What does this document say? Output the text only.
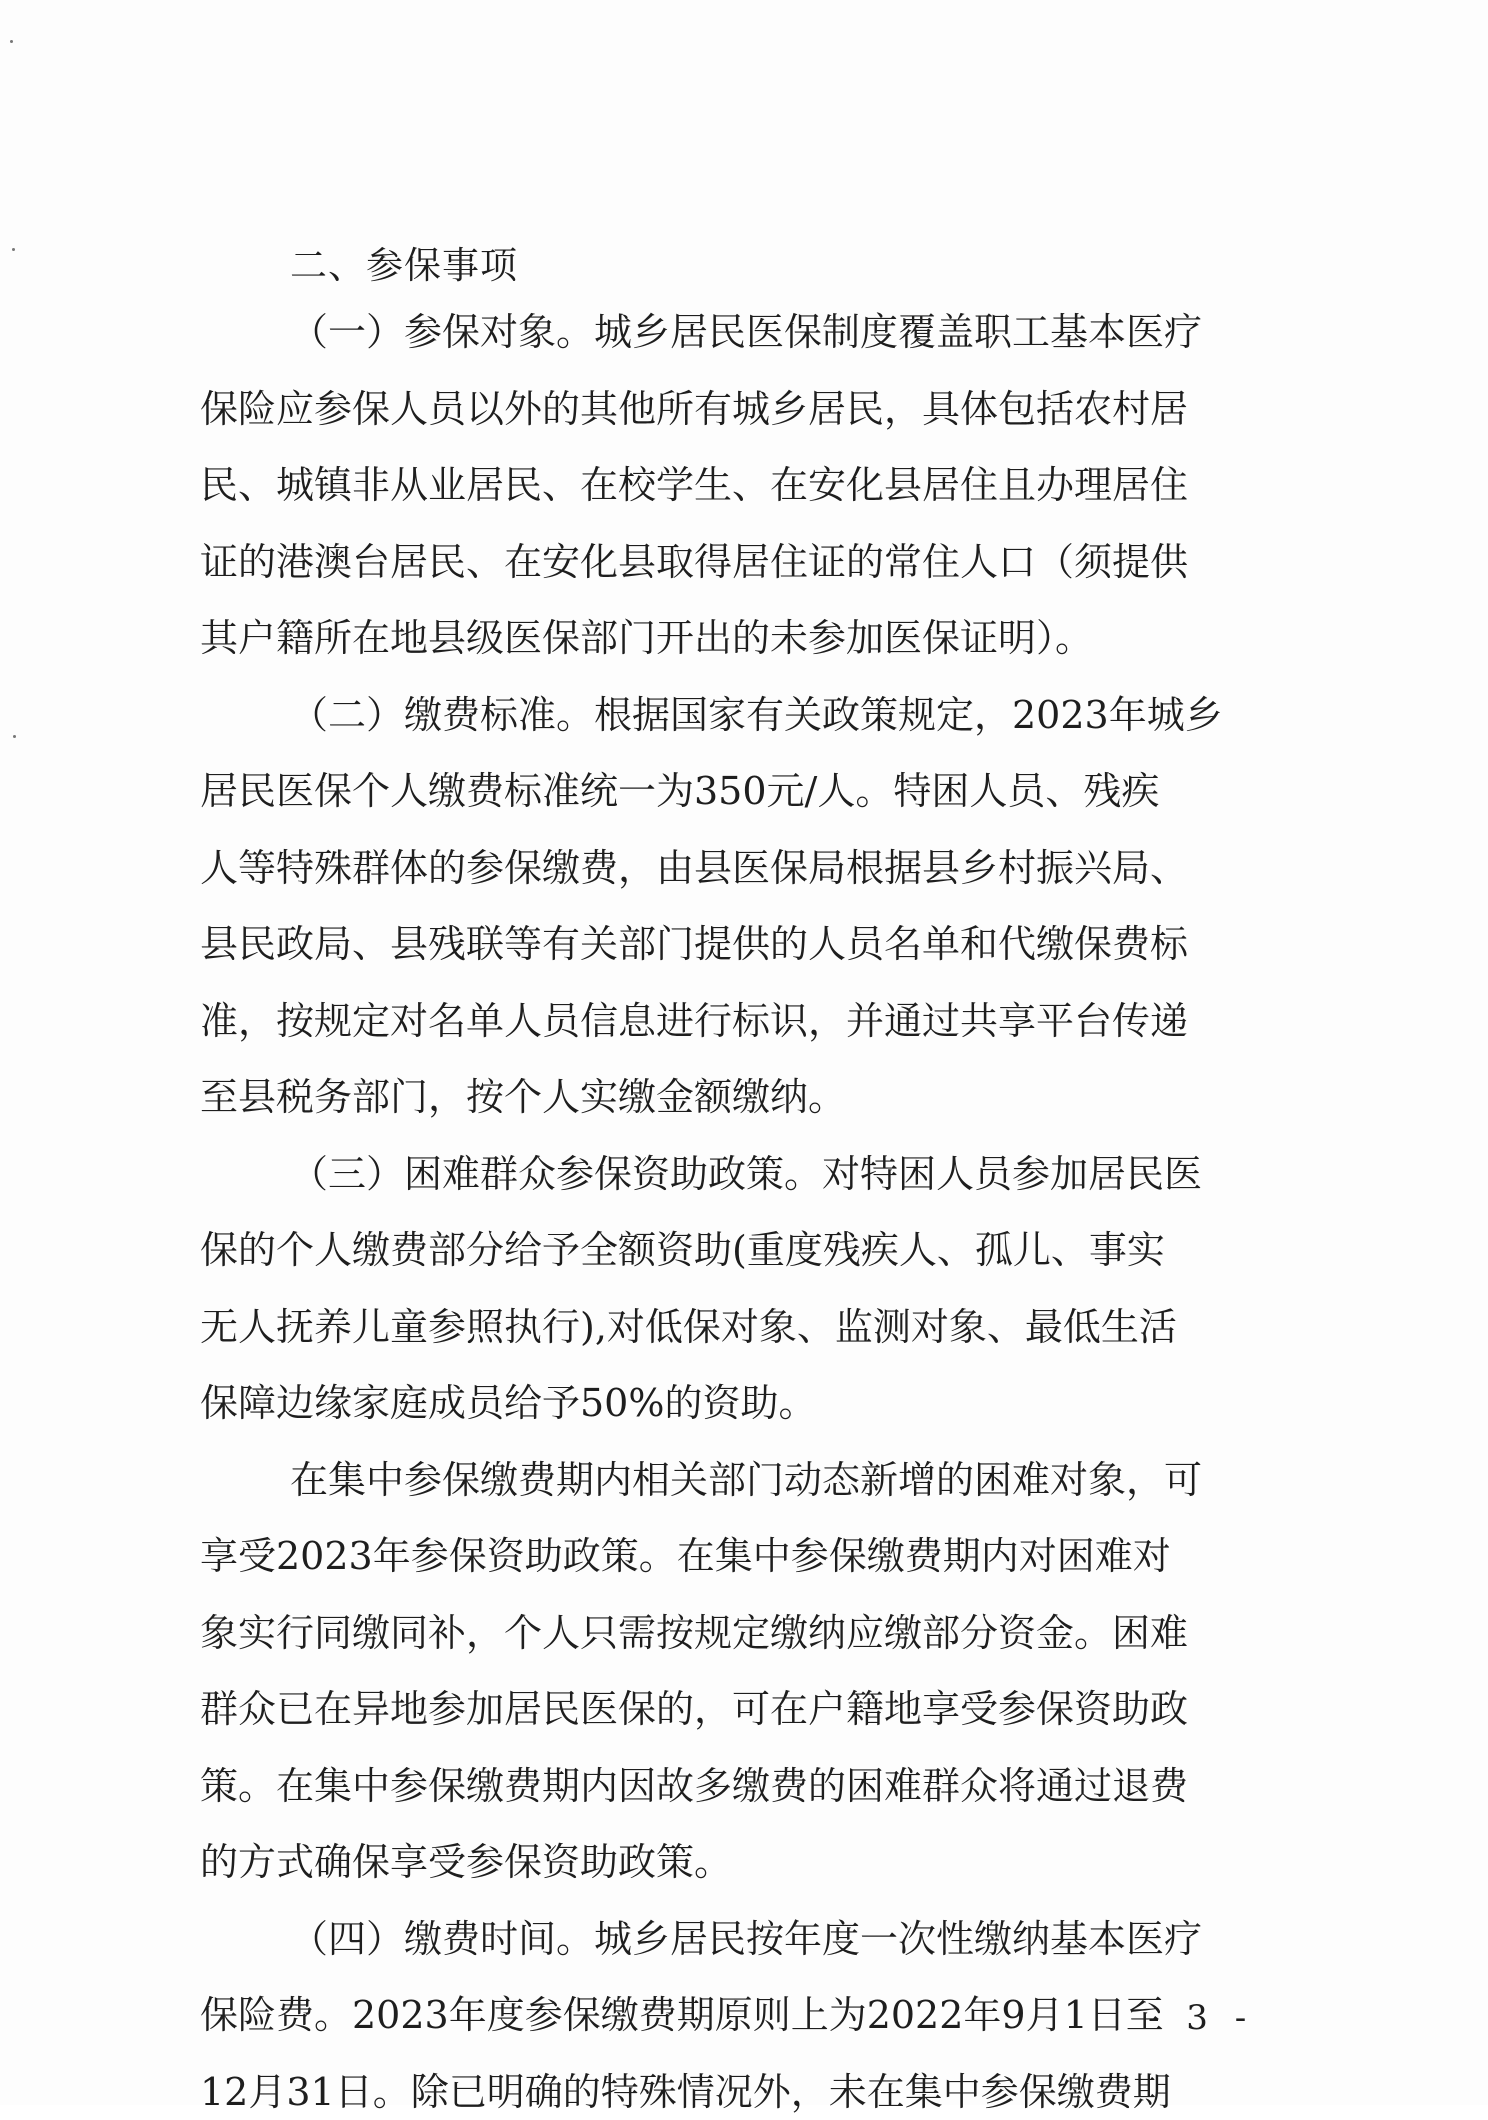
二、参保事项
（一）参保对象。城乡居民医保制度覆盖职工基本医疗
保险应参保人员以外的其他所有城乡居民，具体包括农村居
民、城镇非从业居民、在校学生、在安化县居住且办理居住
证的港澳台居民、在安化县取得居住证的常住人口（须提供
其户籍所在地县级医保部门开出的未参加医保证明）。
（二）缴费标准。根据国家有关政策规定，2023年城乡
居民医保个人缴费标准统一为350元/人。特困人员、残疾
人等特殊群体的参保缴费，由县医保局根据县乡村振兴局、
县民政局、县残联等有关部门提供的人员名单和代缴保费标
准，按规定对名单人员信息进行标识，并通过共享平台传递
至县税务部门，按个人实缴金额缴纳。
（三）困难群众参保资助政策。对特困人员参加居民医
保的个人缴费部分给予全额资助(重度残疾人、孤儿、事实
无人抚养儿童参照执行),对低保对象、监测对象、最低生活
保障边缘家庭成员给予50%的资助。
在集中参保缴费期内相关部门动态新增的困难对象，可
享受2023年参保资助政策。在集中参保缴费期内对困难对
象实行同缴同补，个人只需按规定缴纳应缴部分资金。困难
群众已在异地参加居民医保的，可在户籍地享受参保资助政
策。在集中参保缴费期内因故多缴费的困难群众将通过退费
的方式确保享受参保资助政策。
（四）缴费时间。城乡居民按年度一次性缴纳基本医疗
保险费。2023年度参保缴费期原则上为2022年9月1日至
12月31日。除已明确的特殊情况外，未在集中参保缴费期
- 3 -
